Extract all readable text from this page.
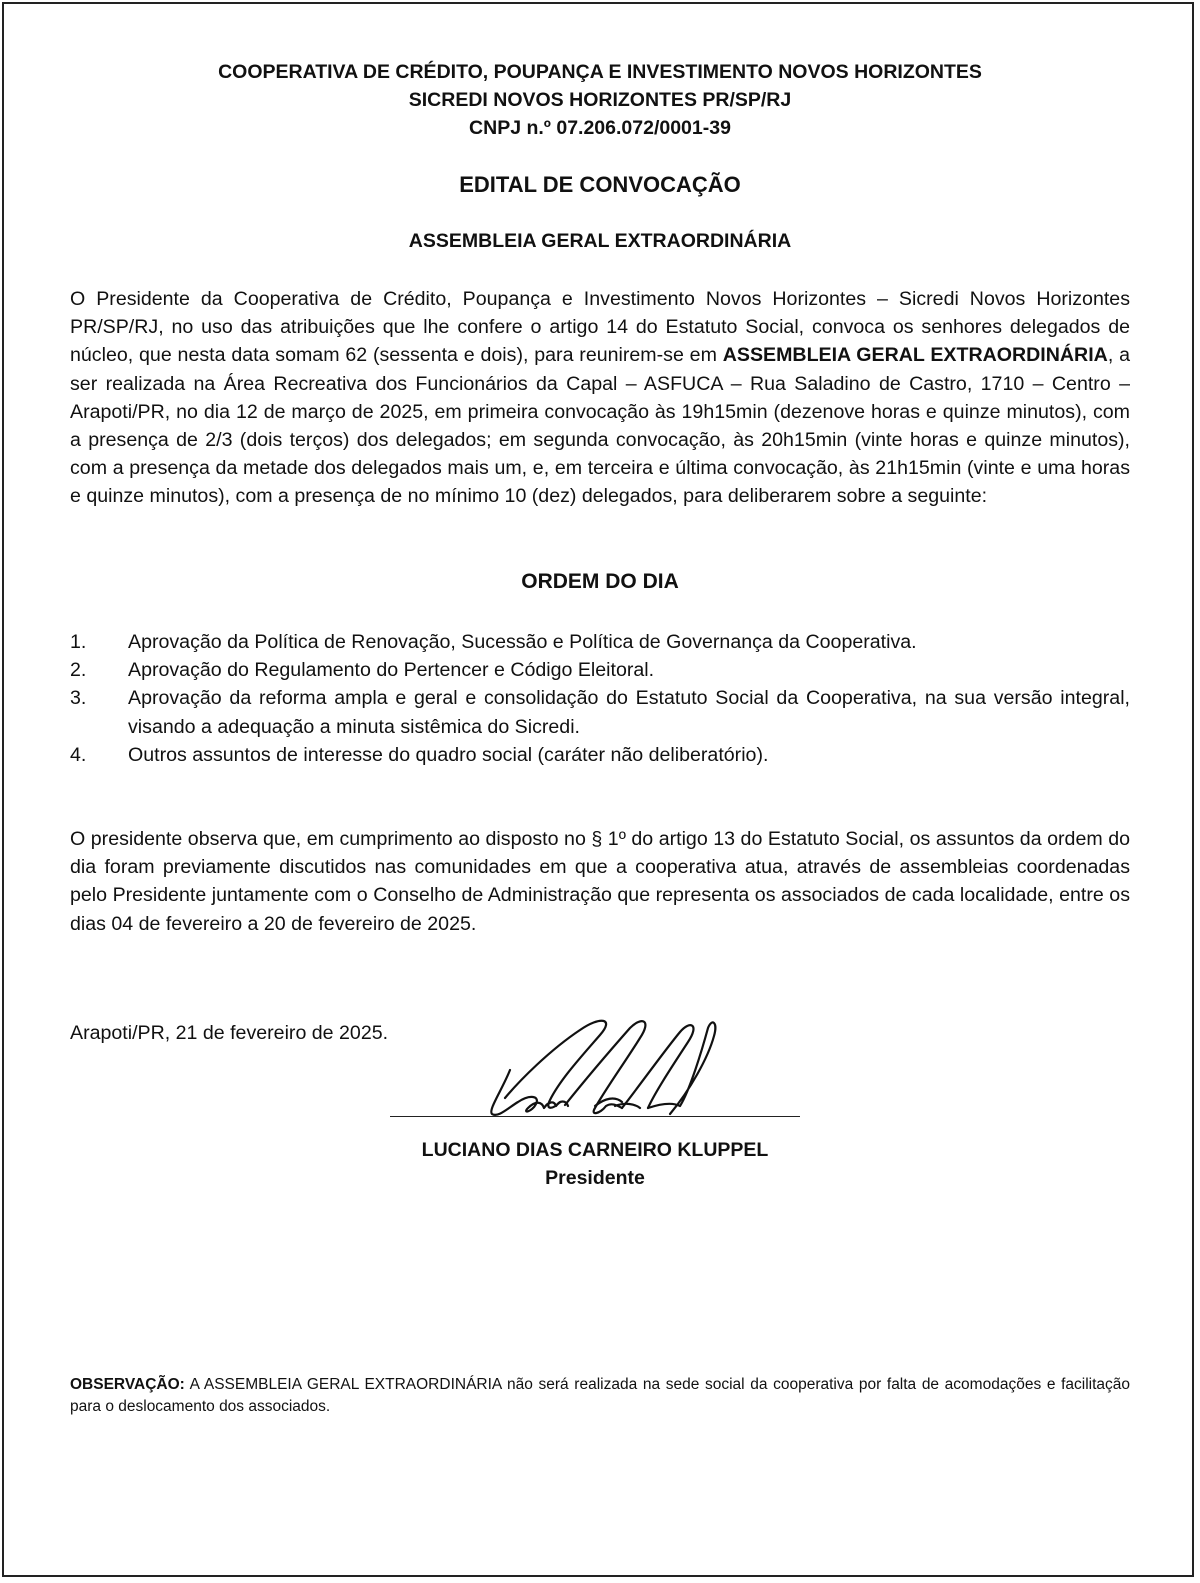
COOPERATIVA DE CRÉDITO, POUPANÇA E INVESTIMENTO NOVOS HORIZONTES
SICREDI NOVOS HORIZONTES PR/SP/RJ
CNPJ n.º 07.206.072/0001-39
EDITAL DE CONVOCAÇÃO
ASSEMBLEIA GERAL EXTRAORDINÁRIA

O Presidente da Cooperativa de Crédito, Poupança e Investimento Novos Horizontes – Sicredi Novos Horizontes PR/SP/RJ, no uso das atribuições que lhe confere o artigo 14 do Estatuto Social, convoca os senhores delegados de núcleo, que nesta data somam 62 (sessenta e dois), para reunirem-se em ASSEMBLEIA GERAL EXTRAORDINÁRIA, a ser realizada na Área Recreativa dos Funcionários da Capal – ASFUCA – Rua Saladino de Castro, 1710 – Centro – Arapoti/PR, no dia 12 de março de 2025, em primeira convocação às 19h15min (dezenove horas e quinze minutos), com a presença de 2/3 (dois terços) dos delegados; em segunda convocação, às 20h15min (vinte horas e quinze minutos), com a presença da metade dos delegados mais um, e, em terceira e última convocação, às 21h15min (vinte e uma horas e quinze minutos), com a presença de no mínimo 10 (dez) delegados, para deliberarem sobre a seguinte:

ORDEM DO DIA
1.	Aprovação da Política de Renovação, Sucessão e Política de Governança da Cooperativa.
2.	Aprovação do Regulamento do Pertencer e Código Eleitoral.
3.	Aprovação da reforma ampla e geral e consolidação do Estatuto Social da Cooperativa, na sua versão integral, visando a adequação a minuta sistêmica do Sicredi.
4.	Outros assuntos de interesse do quadro social (caráter não deliberatório).

O presidente observa que, em cumprimento ao disposto no § 1º do artigo 13 do Estatuto Social, os assuntos da ordem do dia foram previamente discutidos nas comunidades em que a cooperativa atua, através de assembleias coordenadas pelo Presidente juntamente com o Conselho de Administração que representa os associados de cada localidade, entre os dias 04 de fevereiro a 20 de fevereiro de 2025.

Arapoti/PR, 21 de fevereiro de 2025.
LUCIANO DIAS CARNEIRO KLUPPEL
Presidente

OBSERVAÇÃO: A ASSEMBLEIA GERAL EXTRAORDINÁRIA não será realizada na sede social da cooperativa por falta de acomodações e facilitação para o deslocamento dos associados.
